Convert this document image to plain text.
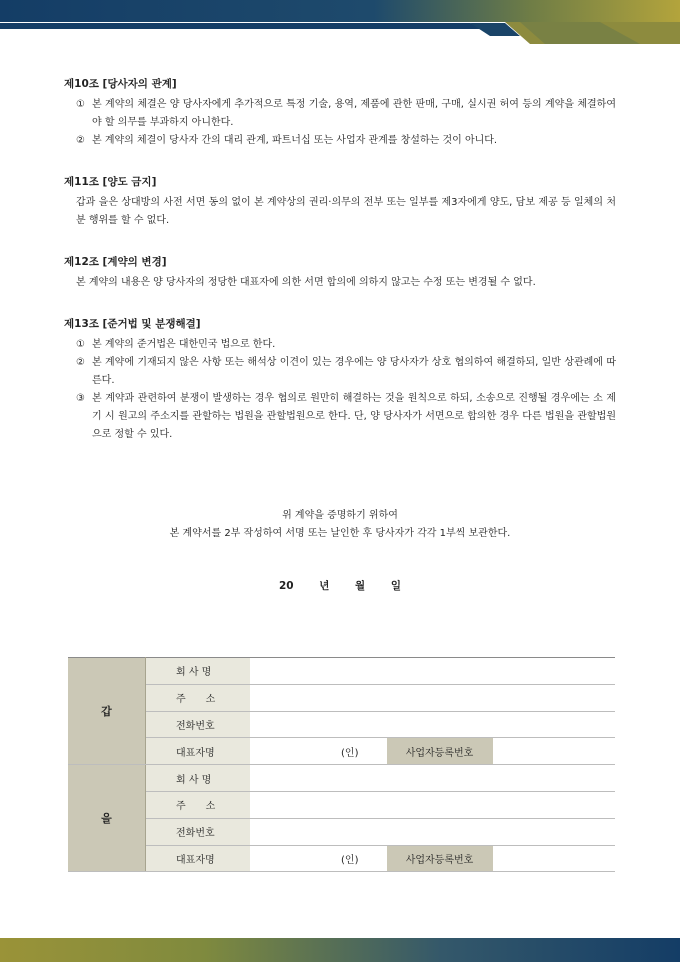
제10조 [당사자의 관계]

① 본 계약의 체결은 양 당사자에게 추가적으로 특정 기술, 용역, 제품에 관한 판매, 구매, 실시권 허여 등의 계약을 체결하여야 할 의무를 부과하지 아니한다.

② 본 계약의 체결이 당사자 간의 대리 관계, 파트너십 또는 사업자 관계를 창설하는 것이 아니다.

제11조 [양도 금지]

갑과 을은 상대방의 사전 서면 동의 없이 본 계약상의 권리·의무의 전부 또는 일부를 제3자에게 양도, 담보 제공 등 일체의 처분 행위를 할 수 없다.

제12조 [계약의 변경]

본 계약의 내용은 양 당사자의 정당한 대표자에 의한 서면 합의에 의하지 않고는 수정 또는 변경될 수 없다.

제13조 [준거법 및 분쟁해결]

① 본 계약의 준거법은 대한민국 법으로 한다.

② 본 계약에 기재되지 않은 사항 또는 해석상 이견이 있는 경우에는 양 당사자가 상호 협의하여 해결하되, 일반 상관례에 따른다.

③ 본 계약과 관련하여 분쟁이 발생하는 경우 협의로 원만히 해결하는 것을 원칙으로 하되, 소송으로 진행될 경우에는 소 제기 시 원고의 주소지를 관할하는 법원을 관할법원으로 한다. 단, 양 당사자가 서면으로 합의한 경우 다른 법원을 관할법원으로 정할 수 있다.

위 계약을 증명하기 위하여
본 계약서를 2부 작성하여 서명 또는 날인한 후 당사자가 각각 1부씩 보관한다.
20 년 월 일
갑	회 사 명			
	주　　소			
	전화번호			
	대표자명	(인)	사업자등록번호	
을	회 사 명			
	주　　소			
	전화번호			
	대표자명	(인)	사업자등록번호	
